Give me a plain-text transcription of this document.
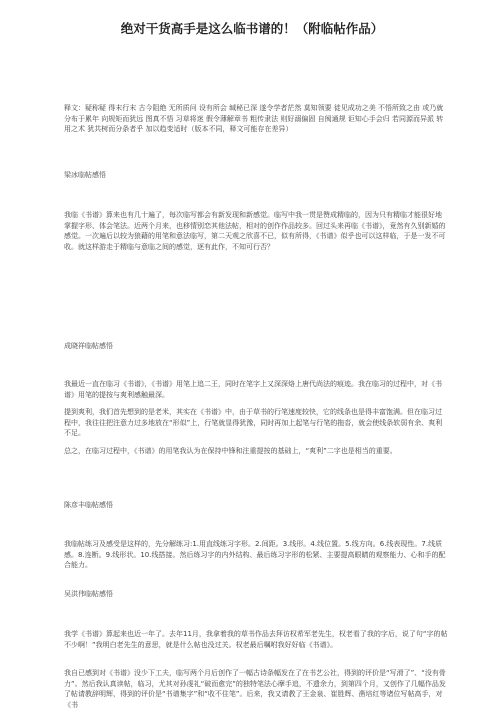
绝对干货高手是这么临书谱的！（附临帖作品）
释文：疑称疑 得末行末 古今阻绝 无所质问 设有所会 缄秘已深 遂令学者茫然 莫知领要 徒见成功之美 不悟所致之由 或乃就分布于累年 向规矩而犹远 图真不悟 习草将迷 假令薄解章书 粗传隶法 则好溺偏固 自阂通规 讵知心手会归 若同源而异派 转用之术 犹共树而分条者乎 加以趋变适时（版本不同，释文可能存在差异）
梁冰临帖感悟
我临《书谱》算来也有几十遍了，每次临写都会有新发现和新感觉。临写中我一贯是赞成精临的，因为只有精临才能很好地掌握字形、体会笔法。近两个月来，也移情别恋其他法帖，相对的创作作品较多。回过头来再临《书谱》，竟然有久别新婚的感觉。一次遍后以较为狼藉的用笔和意法临写，第二天观之欣喜不已，似有所得，《书谱》似乎也可以这样临，于是一发不可收。就这样游走于精临与意临之间的感觉，逐有此作，不知可行否？
成晓祥临帖感悟
我最近一直在临习《书谱》，《书谱》用笔上追二王，同时在笔字上又深深烙上唐代尚法的痕迹。我在临习的过程中，对《书谱》用笔的提按与爽利感触最深。
提到爽利，我们首先想到的是老米，其实在《书谱》中，由于草书的行笔速度较快，它的线条也是得丰富饱满。但在临习过程中，我往往把注意力过多地放在“形似”上，行笔就显得犹豫，同时再加上起笔与行笔的拖沓，就会使线条软弱有余、爽利不足。
总之，在临习过程中，《书谱》的用笔我认为在保持中锋和注重提按的基础上，“爽利”二字也是相当的重要。
陈彦丰临帖感悟
我临帖练习及感受是这样的，先分解练习:1.用直线练习字形。2.间距。3.线形。4.线位置。5.线方向。6.线表现性。7.线质感。8.连断。9.线形状。10.线搭接。然后练习字的内外结构、最后练习字形的松紧、主要提高眼睛的观察能力、心和手的配合能力。
吴洪伟临帖感悟
我学《书谱》算起来也近一年了。去年11月，我拿着我的草书作品去拜访权希军老先生，权老看了我的字后，说了句“字的帖不少啊！”我明白老先生的意思，就是什么帖也没过关。权老最后嘱咐我好好临《书谱》。
我自已感到对《书谱》没少下工夫，临写两个月后创作了一幅古诗条幅发在了在书艺公社，得到的评价是“写滑了”、“没有骨力”。然后我认真读帖，临习，尤其对孙虔礼“破而愈完”的独特笔法心摩手追，不遗余力，到第四个月，又创作了几幅作品发了帖请教辞明辉，得到的评价是“书谱集字”和“收不住笔”。后来，我又请教了王金泉、崔胜辉、凿培红等诸位写帖高手，对《书
